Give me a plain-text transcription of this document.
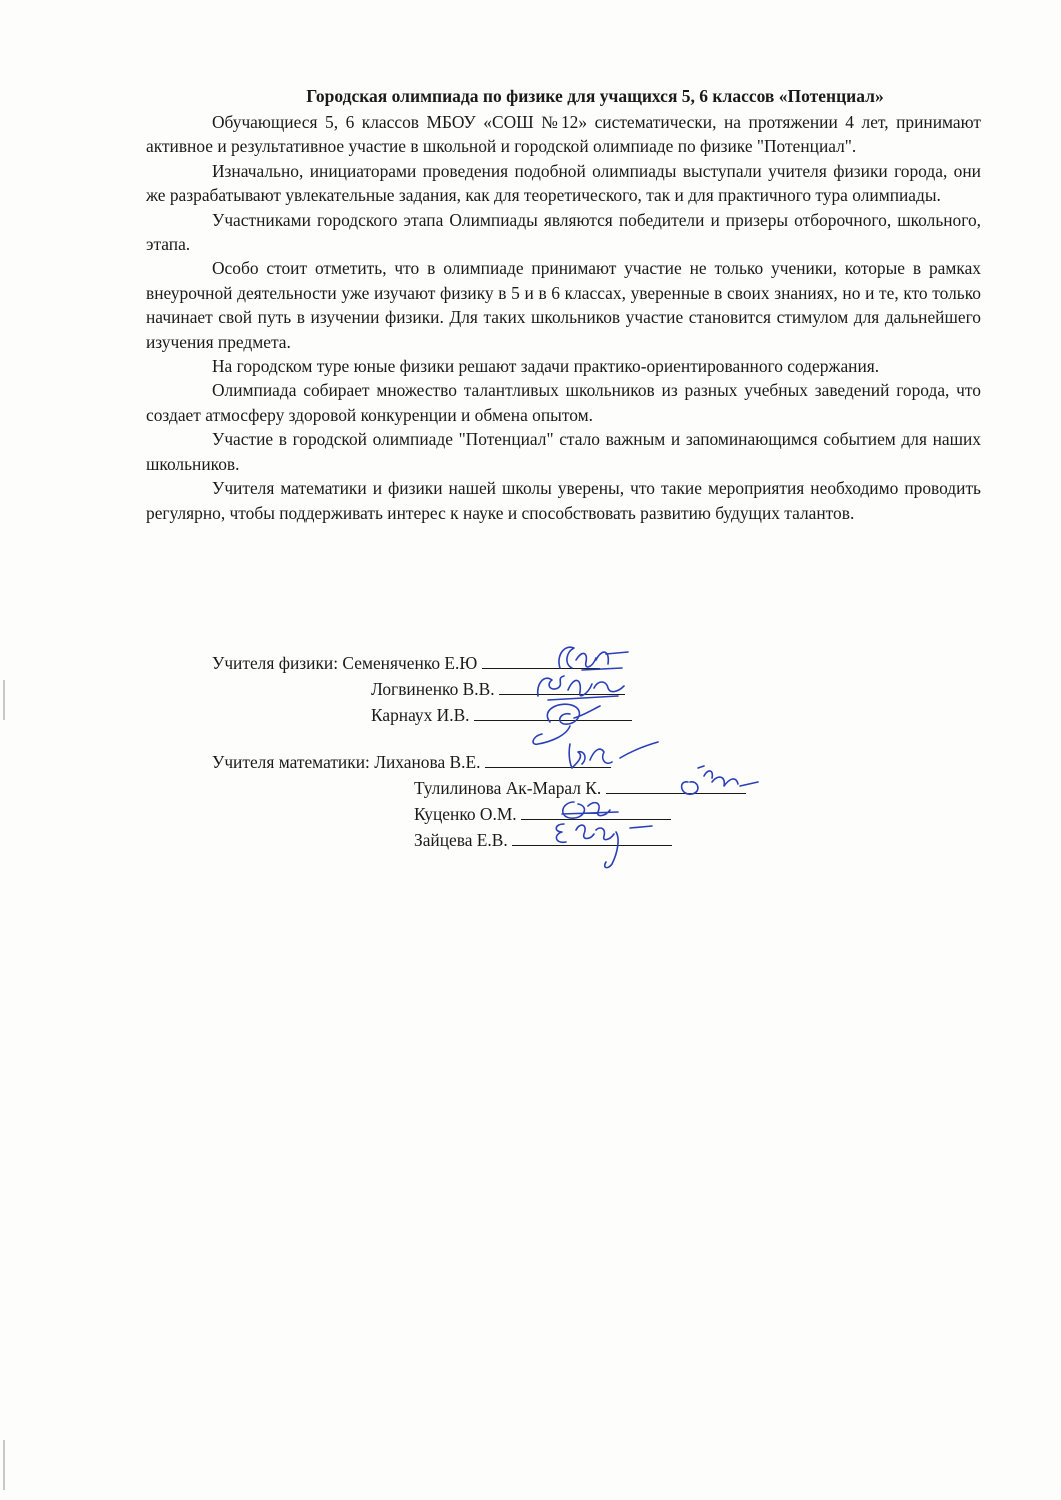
Городская олимпиада по физике для учащихся 5, 6 классов «Потенциал»

Обучающиеся 5, 6 классов МБОУ «СОШ №12» систематически, на протяжении 4 лет, принимают активное и результативное участие в школьной и городской олимпиаде по физике "Потенциал".

Изначально, инициаторами проведения подобной олимпиады выступали учителя физики города, они же разрабатывают увлекательные задания, как для теоретического, так и для практичного тура олимпиады.

Участниками городского этапа Олимпиады являются победители и призеры отборочного, школьного, этапа.

Особо стоит отметить, что в олимпиаде принимают участие не только ученики, которые в рамках внеурочной деятельности уже изучают физику в 5 и в 6 классах, уверенные в своих знаниях, но и те, кто только начинает свой путь в изучении физики. Для таких школьников участие становится стимулом для дальнейшего изучения предмета.

На городском туре юные физики решают задачи практико-ориентированного содержания.

Олимпиада собирает множество талантливых школьников из разных учебных заведений города, что создает атмосферу здоровой конкуренции и обмена опытом.

Участие в городской олимпиаде "Потенциал" стало важным и запоминающимся событием для наших школьников.

Учителя математики и физики нашей школы уверены, что такие мероприятия необходимо проводить регулярно, чтобы поддерживать интерес к науке и способствовать развитию будущих талантов.

Учителя физики: Семеняченко Е.Ю
Логвиненко В.В.
Карнаух И.В.
Учителя математики: Лиханова В.Е.
Тулилинова Ак-Марал К.
Куценко О.М.
Зайцева Е.В.
